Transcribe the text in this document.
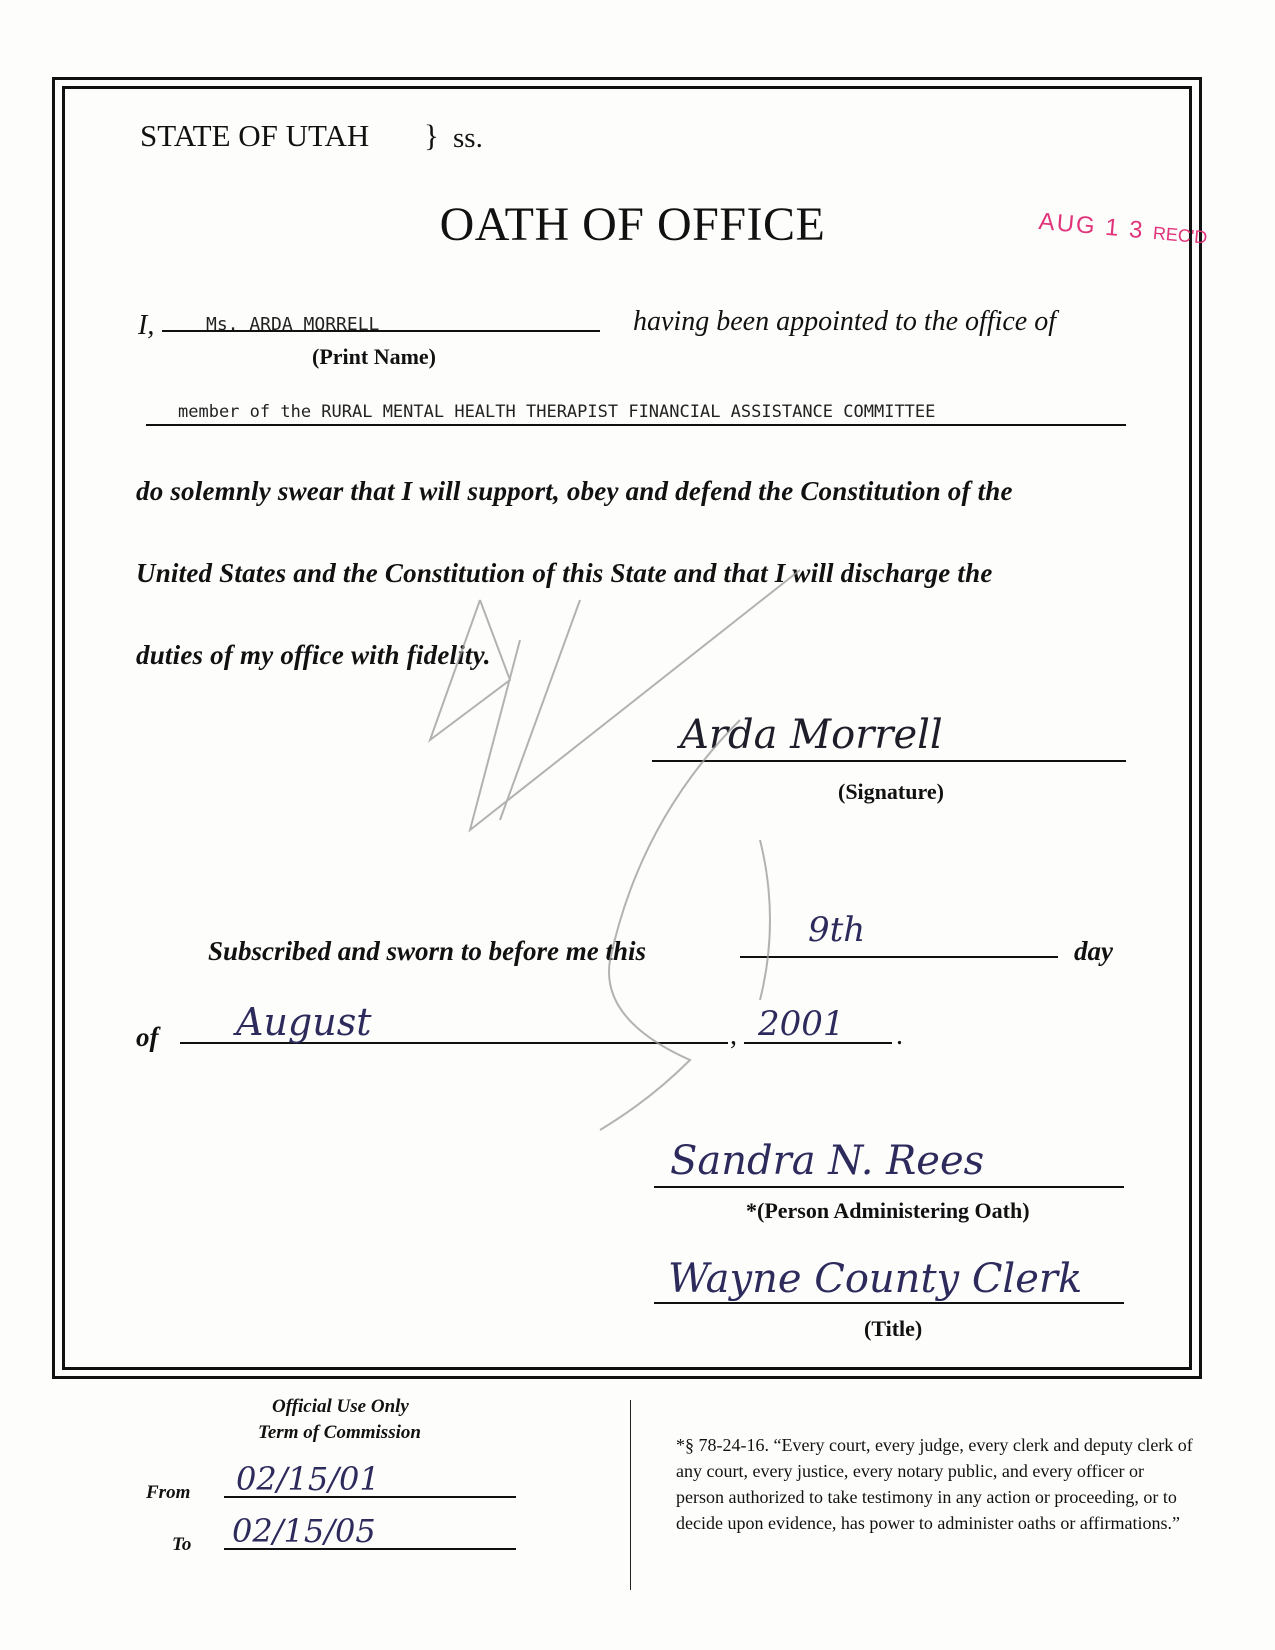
STATE OF UTAH } ss.
OATH OF OFFICE	AUG 1 3 REC'D
I,	Ms. ARDA MORRELL
(Print Name)
having been appointed to the office of
member of the RURAL MENTAL HEALTH THERAPIST FINANCIAL ASSISTANCE COMMITTEE
do solemnly swear that I will support, obey and defend the Constitution of the
United States and the Constitution of this State and that I will discharge the
duties of my office with fidelity.
Arda Morrell
(Signature)
Subscribed and sworn to before me this
9th
day
of August	, 2001 .
Sandra N. Rees
*(Person Administering Oath)
Wayne County Clerk
(Title)
Official Use Only
Term of Commission
From 02/15/01
To 02/15/05
*§ 78-24-16. “Every court, every judge, every clerk and deputy clerk of any court, every justice, every notary public, and every officer or person authorized to take testimony in any action or proceeding, or to decide upon evidence, has power to administer oaths or affirmations.”
